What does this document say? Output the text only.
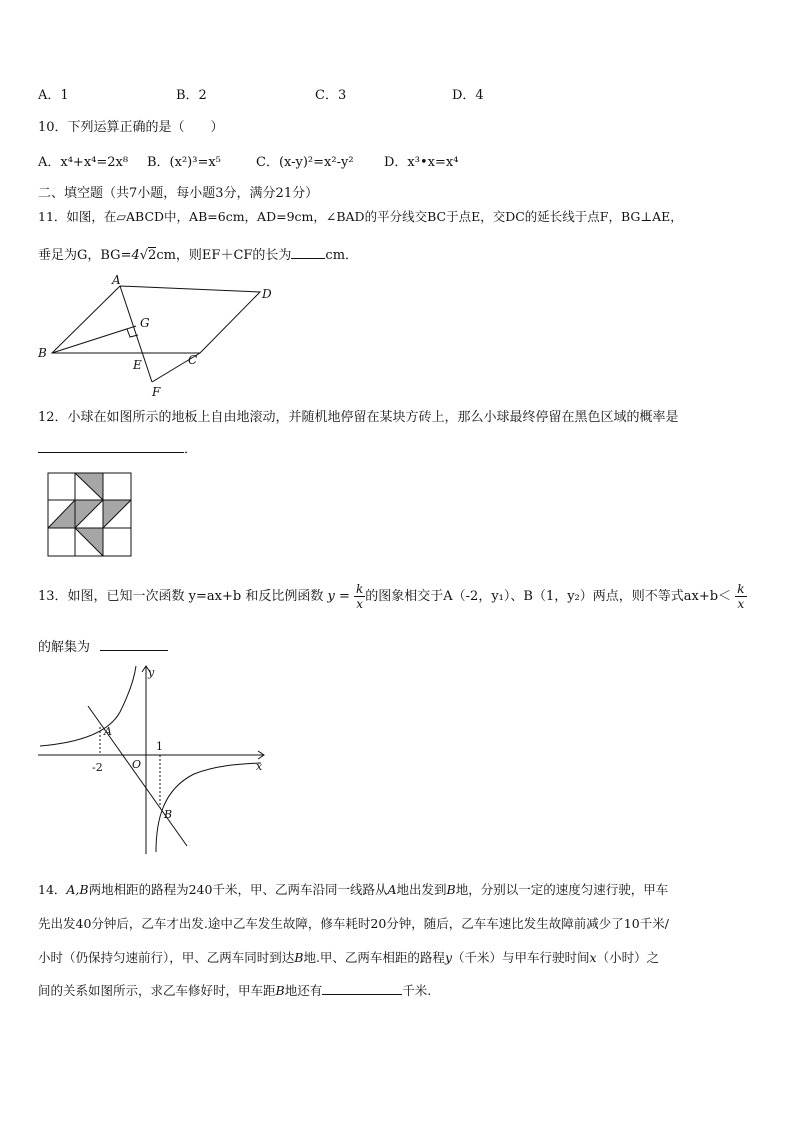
A．1	B．2	C．3	D．4
10．下列运算正确的是（　　）
A．x⁴+x⁴=2x⁸ B．(x²)³=x⁵	C．(x-y)²=x²-y² D．x³•x=x⁴
二、填空题（共7小题，每小题3分，满分21分）
11．如图，在▱ABCD中，AB=6cm，AD=9cm，∠BAD的平分线交BC于点E，交DC的延长线于点F，BG⊥AE，
垂足为G，BG=4√2cm，则EF＋CF的长为	cm．
A
D
B	C
E
F
G
12．小球在如图所示的地板上自由地滚动，并随机地停留在某块方砖上，那么小球最终停留在黑色区域的概率是
．
13．如图，已知一次函数 y=ax+b 和反比例函数 $y = \frac{k}{x}$ 的图象相交于A（-2，y₁）、B（1，y₂）两点，则不等式$ax+b< \frac{k}{x}$
的解集为
y
x
O
A
B
-2
1
14．A,B两地相距的路程为240千米，甲、乙两车沿同一线路从A地出发到B地，分别以一定的速度匀速行驶，甲车
先出发40分钟后，乙车才出发.途中乙车发生故障，修车耗时20分钟，随后，乙车车速比发生故障前减少了10千米/
小时（仍保持匀速前行），甲、乙两车同时到达B地.甲、乙两车相距的路程y（千米）与甲车行驶时间x（小时）之
间的关系如图所示，求乙车修好时，甲车距B地还有	千米.
